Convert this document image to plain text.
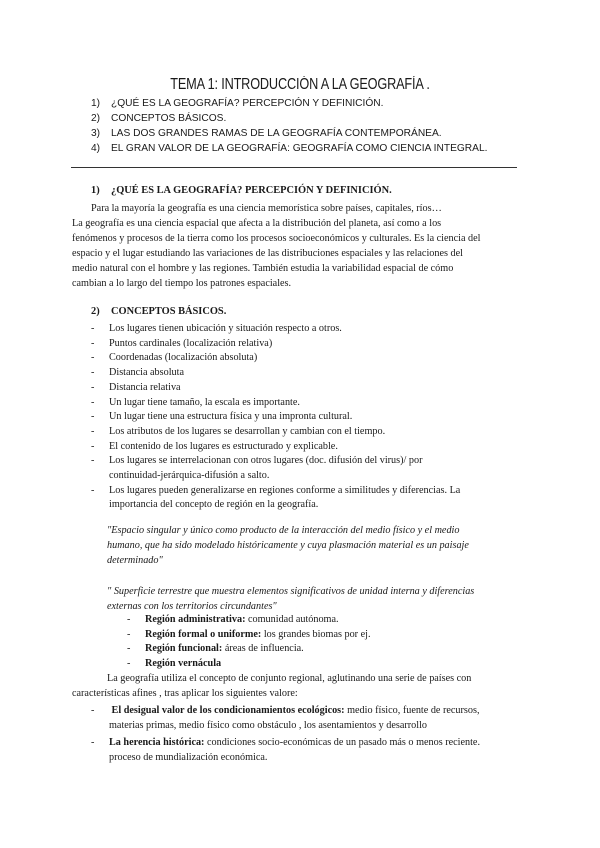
TEMA 1: INTRODUCCIÓN A LA GEOGRAFÍA .
1) ¿QUÉ ES LA GEOGRAFÍA? PERCEPCIÓN Y DEFINICIÓN.
2) CONCEPTOS BÁSICOS.
3) LAS DOS GRANDES RAMAS DE LA GEOGRAFÍA CONTEMPORÁNEA.
4) EL GRAN VALOR DE LA GEOGRAFÍA: GEOGRAFÍA COMO CIENCIA INTEGRAL.
1) ¿QUÉ ES LA GEOGRAFÍA? PERCEPCIÓN Y DEFINICIÓN.
Para la mayoría la geografía es una ciencia memorística sobre países, capitales, ríos…
La geografía es una ciencia espacial que afecta a la distribución del planeta, así como a los
fenómenos y procesos de la tierra como los procesos socioeconómicos y culturales. Es la ciencia del
espacio y el lugar estudiando las variaciones de las distribuciones espaciales y las relaciones del
medio natural con el hombre y las regiones. También estudia la variabilidad espacial de cómo
cambian a lo largo del tiempo los patrones espaciales.
2) CONCEPTOS BÁSICOS.
- Los lugares tienen ubicación y situación respecto a otros.
- Puntos cardinales (localización relativa)
- Coordenadas (localización absoluta)
- Distancia absoluta
- Distancia relativa
- Un lugar tiene tamaño, la escala es importante.
- Un lugar tiene una estructura física y una impronta cultural.
- Los atributos de los lugares se desarrollan y cambian con el tiempo.
- El contenido de los lugares es estructurado y explicable.
- Los lugares se interrelacionan con otros lugares (doc. difusión del virus)/ por
continuidad-jerárquica-difusión a salto.
- Los lugares pueden generalizarse en regiones conforme a similitudes y diferencias. La
importancia del concepto de región en la geografía.
"Espacio singular y único como producto de la interacción del medio físico y el medio
humano, que ha sido modelado históricamente y cuya plasmación material es un paisaje
determinado"
" Superficie terrestre que muestra elementos significativos de unidad interna y diferencias
externas con los territorios circundantes"
- Región administrativa: comunidad autónoma.
- Región formal o uniforme: los grandes biomas por ej.
- Región funcional: áreas de influencia.
- Región vernácula
La geografía utiliza el concepto de conjunto regional, aglutinando una serie de países con
características afines , tras aplicar los siguientes valore:
- El desigual valor de los condicionamientos ecológicos: medio físico, fuente de recursos,
materias primas, medio físico como obstáculo , los asentamientos y desarrollo
- La herencia histórica: condiciones socio-económicas de un pasado más o menos reciente.
proceso de mundialización económica.
